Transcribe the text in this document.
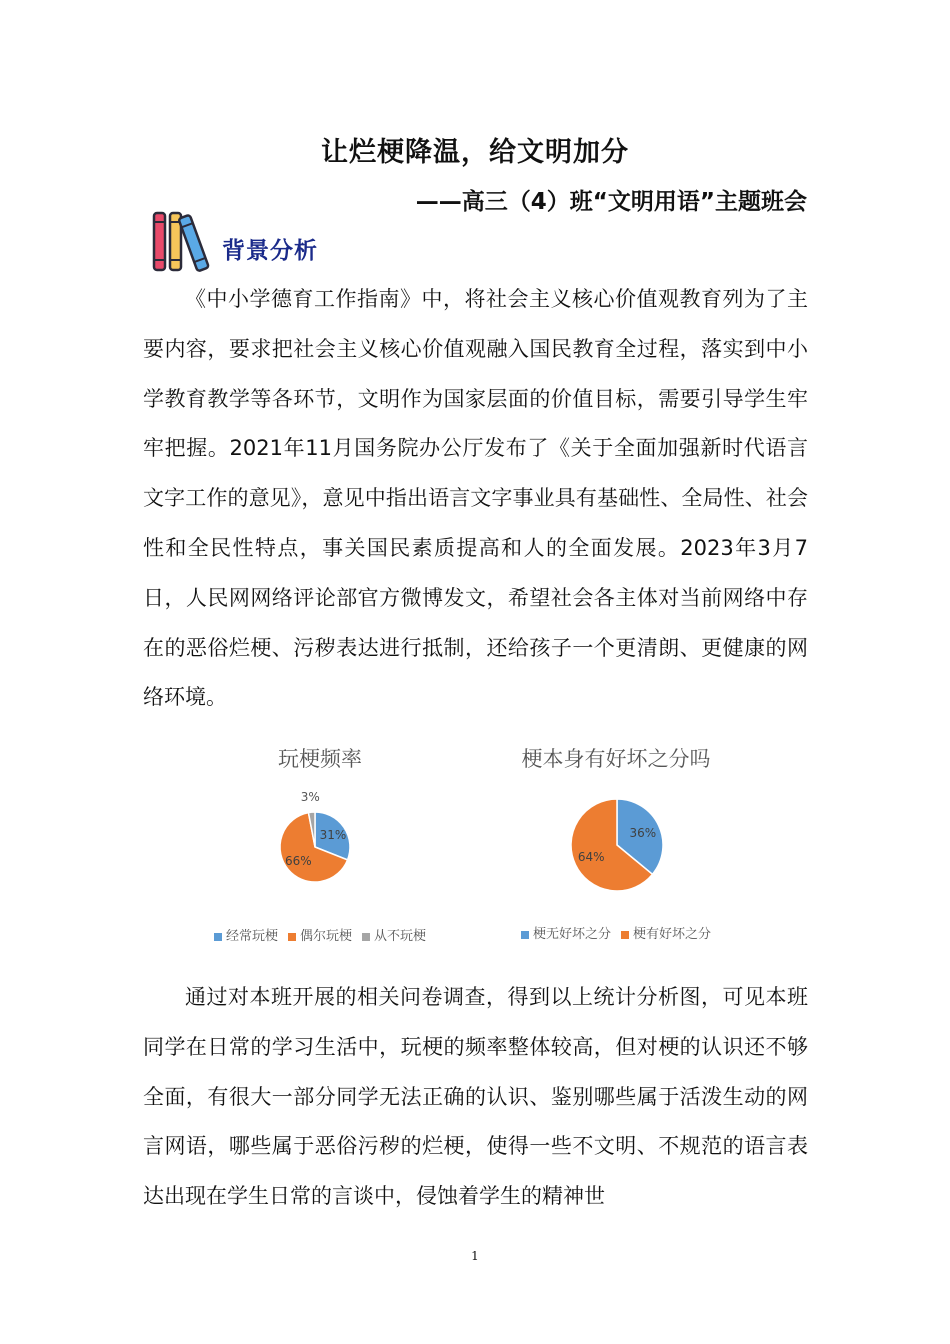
让烂梗降温，给文明加分
——高三（4）班“文明用语”主题班会
背景分析

《中小学德育工作指南》中，将社会主义核心价值观教育列为了主要内容，要求把社会主义核心价值观融入国民教育全过程，落实到中小学教育教学等各环节，文明作为国家层面的价值目标，需要引导学生牢牢把握。2021年11月国务院办公厅发布了《关于全面加强新时代语言文字工作的意见》，意见中指出语言文字事业具有基础性、全局性、社会性和全民性特点，事关国民素质提高和人的全面发展。2023年3月7日，人民网网络评论部官方微博发文，希望社会各主体对当前网络中存在的恶俗烂梗、污秽表达进行抵制，还给孩子一个更清朗、更健康的网络环境。

玩梗频率
31%
66%
3%
经常玩梗 偶尔玩梗 从不玩梗
梗本身有好坏之分吗
36%
64%
梗无好坏之分 梗有好坏之分

通过对本班开展的相关问卷调查，得到以上统计分析图，可见本班同学在日常的学习生活中，玩梗的频率整体较高，但对梗的认识还不够全面，有很大一部分同学无法正确的认识、鉴别哪些属于活泼生动的网言网语，哪些属于恶俗污秽的烂梗，使得一些不文明、不规范的语言表达出现在学生日常的言谈中，侵蚀着学生的精神世

1
